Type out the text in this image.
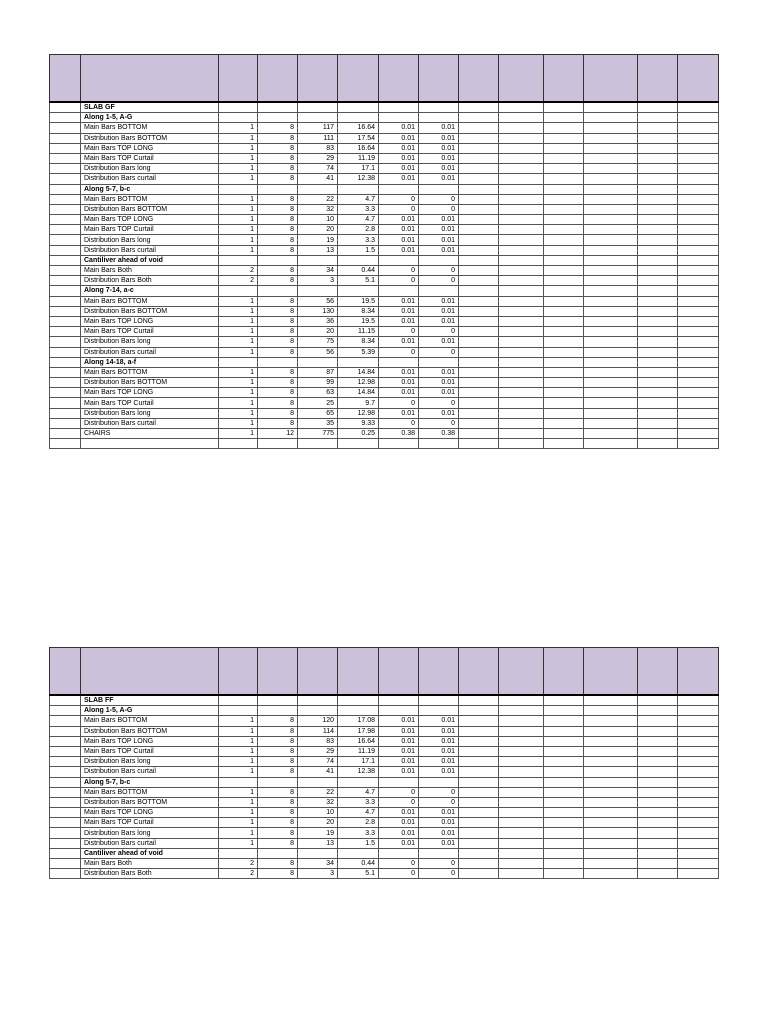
	SLAB GF												
	Along 1-5, A-G												
	Main Bars BOTTOM	1	8	117	16.64	0.01	0.01						
	Distribution Bars BOTTOM	1	8	111	17.54	0.01	0.01						
	Main Bars TOP LONG	1	8	83	16.64	0.01	0.01						
	Main Bars TOP Curtail	1	8	29	11.19	0.01	0.01						
	Distribution Bars long	1	8	74	17.1	0.01	0.01						
	Distribution Bars curtail	1	8	41	12.38	0.01	0.01						
	Along 5-7, b-c												
	Main Bars BOTTOM	1	8	22	4.7	0	0						
	Distribution Bars BOTTOM	1	8	32	3.3	0	0						
	Main Bars TOP LONG	1	8	10	4.7	0.01	0.01						
	Main Bars TOP Curtail	1	8	20	2.8	0.01	0.01						
	Distribution Bars long	1	8	19	3.3	0.01	0.01						
	Distribution Bars curtail	1	8	13	1.5	0.01	0.01						
	Cantiliver ahead of void												
	Main Bars Both	2	8	34	0.44	0	0						
	Distribution Bars Both	2	8	3	5.1	0	0						
	Along 7-14, a-c												
	Main Bars BOTTOM	1	8	56	19.5	0.01	0.01						
	Distribution Bars BOTTOM	1	8	130	8.34	0.01	0.01						
	Main Bars TOP LONG	1	8	36	19.5	0.01	0.01						
	Main Bars TOP Curtail	1	8	20	11.15	0	0						
	Distribution Bars long	1	8	75	8.34	0.01	0.01						
	Distribution Bars curtail	1	8	56	5.39	0	0						
	Along 14-18, a-f												
	Main Bars BOTTOM	1	8	87	14.84	0.01	0.01						
	Distribution Bars BOTTOM	1	8	99	12.98	0.01	0.01						
	Main Bars TOP LONG	1	8	63	14.84	0.01	0.01						
	Main Bars TOP Curtail	1	8	25	9.7	0	0						
	Distribution Bars long	1	8	65	12.98	0.01	0.01						
	Distribution Bars curtail	1	8	35	9.33	0	0						
	CHAIRS	1	12	775	0.25	0.38	0.38						

	SLAB FF												
	Along 1-5, A-G												
	Main Bars BOTTOM	1	8	120	17.08	0.01	0.01						
	Distribution Bars BOTTOM	1	8	114	17.98	0.01	0.01						
	Main Bars TOP LONG	1	8	83	16.64	0.01	0.01						
	Main Bars TOP Curtail	1	8	29	11.19	0.01	0.01						
	Distribution Bars long	1	8	74	17.1	0.01	0.01						
	Distribution Bars curtail	1	8	41	12.38	0.01	0.01						
	Along 5-7, b-c												
	Main Bars BOTTOM	1	8	22	4.7	0	0						
	Distribution Bars BOTTOM	1	8	32	3.3	0	0						
	Main Bars TOP LONG	1	8	10	4.7	0.01	0.01						
	Main Bars TOP Curtail	1	8	20	2.8	0.01	0.01						
	Distribution Bars long	1	8	19	3.3	0.01	0.01						
	Distribution Bars curtail	1	8	13	1.5	0.01	0.01						
	Cantiliver ahead of void												
	Main Bars Both	2	8	34	0.44	0	0						
	Distribution Bars Both	2	8	3	5.1	0	0						
